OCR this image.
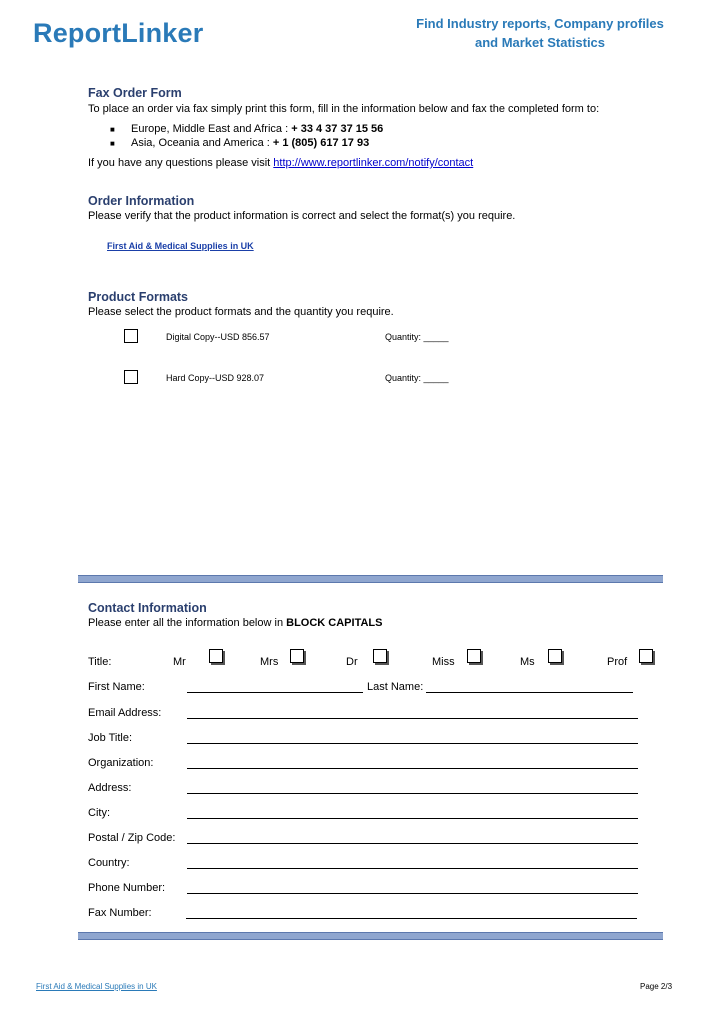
ReportLinker	Find Industry reports, Company profiles
and Market Statistics
Fax Order Form
To place an order via fax simply print this form, fill in the information below and fax the completed form to:
■ Europe, Middle East and Africa : + 33 4 37 37 15 56
■ Asia, Oceania and America : + 1 (805) 617 17 93
If you have any questions please visit http://www.reportlinker.com/notify/contact
Order Information
Please verify that the product information is correct and select the format(s) you require.
First Aid & Medical Supplies in UK
Product Formats
Please select the product formats and the quantity you require.
Digital Copy--USD 856.57	Quantity: _____
Hard Copy--USD 928.07	Quantity: _____
Contact Information
Please enter all the information below in BLOCK CAPITALS
Title:	Mr	Mrs	Dr	Miss	Ms	Prof
First Name:	Last Name:
Email Address:
Job Title:
Organization:
Address:
City:
Postal / Zip Code:
Country:
Phone Number:
Fax Number:
First Aid & Medical Supplies in UK	Page 2/3
